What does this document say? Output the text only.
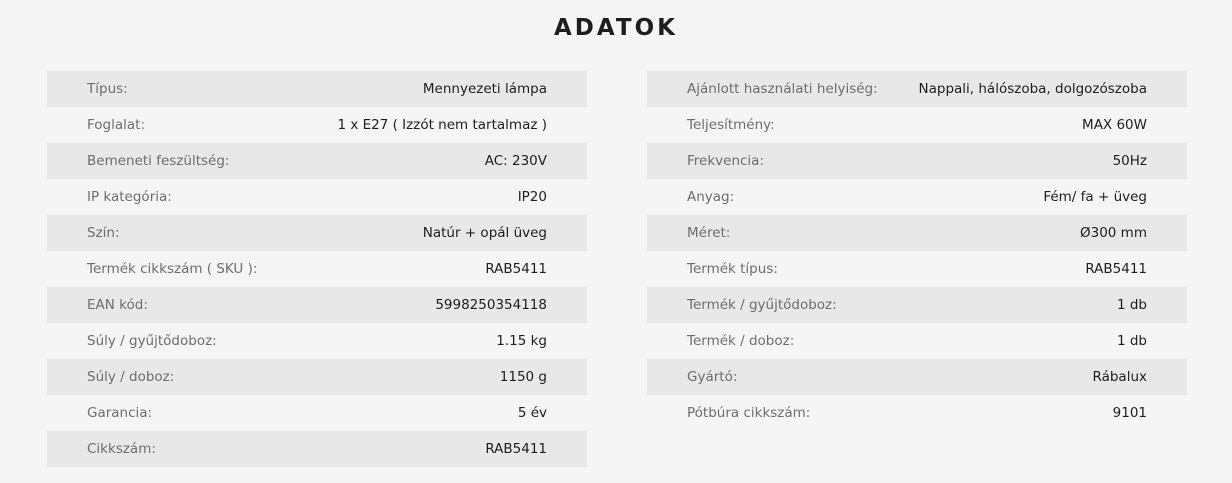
ADATOK
Típus:	Mennyezeti lámpa
Foglalat:	1 x E27 ( Izzót nem tartalmaz )
Bemeneti feszültség:	AC: 230V
IP kategória:	IP20
Szín:	Natúr + opál üveg
Termék cikkszám ( SKU ):	RAB5411
EAN kód:	5998250354118
Súly / gyűjtődoboz:	1.15 kg
Súly / doboz:	1150 g
Garancia:	5 év
Cikkszám:	RAB5411
Ajánlott használati helyiség:	Nappali, hálószoba, dolgozószoba
Teljesítmény:	MAX 60W
Frekvencia:	50Hz
Anyag:	Fém/ fa + üveg
Méret:	Ø300 mm
Termék típus:	RAB5411
Termék / gyűjtődoboz:	1 db
Termék / doboz:	1 db
Gyártó:	Rábalux
Pótbúra cikkszám:	9101
